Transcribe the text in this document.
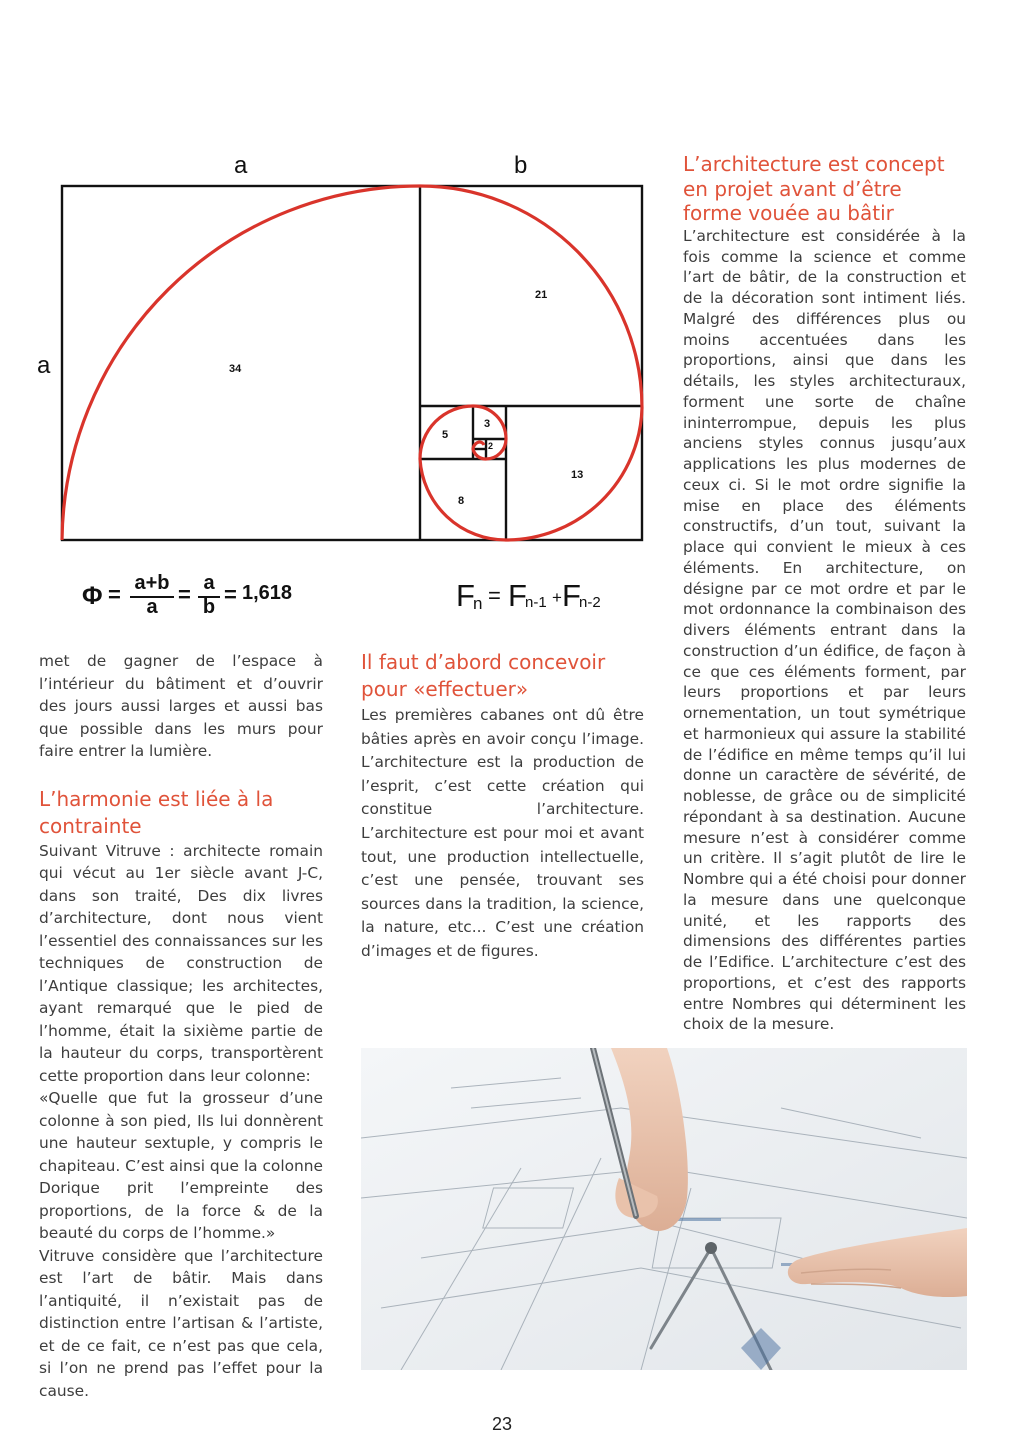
a	b
a	34
21
13
8
5
3
2
Φ = a+b
a = a
b = 1,618	F
n = F
n-1 + F
n-2

met de gagner de l’espace à l’intérieur du bâtiment et d’ouvrir des jours aussi larges et aussi bas que possible dans les murs pour faire entrer la lumière.

L’harmonie est liée à la contrainte

Suivant Vitruve : architecte romain qui vécut au 1er siècle avant J-C, dans son traité, Des dix livres d’architecture, dont nous vient l’essentiel des connaissances sur les techniques de construction de l’Antique classique; les architectes, ayant remarqué que le pied de l’homme, était la sixième partie de la hauteur du corps, transportèrent cette proportion dans leur colonne:

«Quelle que fut la grosseur d’une colonne à son pied, Ils lui donnèrent une hauteur sextuple, y compris le chapiteau. C’est ainsi que la colonne Dorique prit l’empreinte des proportions, de la force & de la beauté du corps de l’homme.»

Vitruve considère que l’architecture est l’art de bâtir. Mais dans l’antiquité, il n’existait pas de distinction entre l’artisan & l’artiste, et de ce fait, ce n’est pas que cela, si l’on ne prend pas l’effet pour la cause.

Il faut d’abord concevoir pour «effectuer»

Les premières cabanes ont dû être bâties après en avoir conçu l’image. L’architecture est la production de l’esprit, c’est cette création qui constitue l’architecture. L’architecture est pour moi et avant tout, une production intellectuelle, c’est une pensée, trouvant ses sources dans la tradition, la science, la nature, etc... C’est une création d’images et de figures.

L’architecture est concept en projet avant d’être forme vouée au bâtir

L’architecture est considérée à la fois comme la science et comme l’art de bâtir, de la construction et de la décoration sont intiment liés. Malgré des différences plus ou moins accentuées dans les proportions, ainsi que dans les détails, les styles architecturaux, forment une sorte de chaîne ininterrompue, depuis les plus anciens styles connus jusqu’aux applications les plus modernes de ceux ci. Si le mot ordre signifie la mise en place des éléments constructifs, d’un tout, suivant la place qui convient le mieux à ces éléments. En architecture, on désigne par ce mot ordre et par le mot ordonnance la combinaison des divers éléments entrant dans la construction d’un édifice, de façon à ce que ces éléments forment, par leurs proportions et par leurs ornementation, un tout symétrique et harmonieux qui assure la stabilité de l’édifice en même temps qu’il lui donne un caractère de sévérité, de noblesse, de grâce ou de simplicité répondant à sa destination. Aucune mesure n’est à considérer comme un critère. Il s’agit plutôt de lire le Nombre qui a été choisi pour donner la mesure dans une quelconque unité, et les rapports des dimensions des différentes parties de l’Edifice. L’architecture c’est des proportions, et c’est des rapports entre Nombres qui déterminent les choix de la mesure.

23
